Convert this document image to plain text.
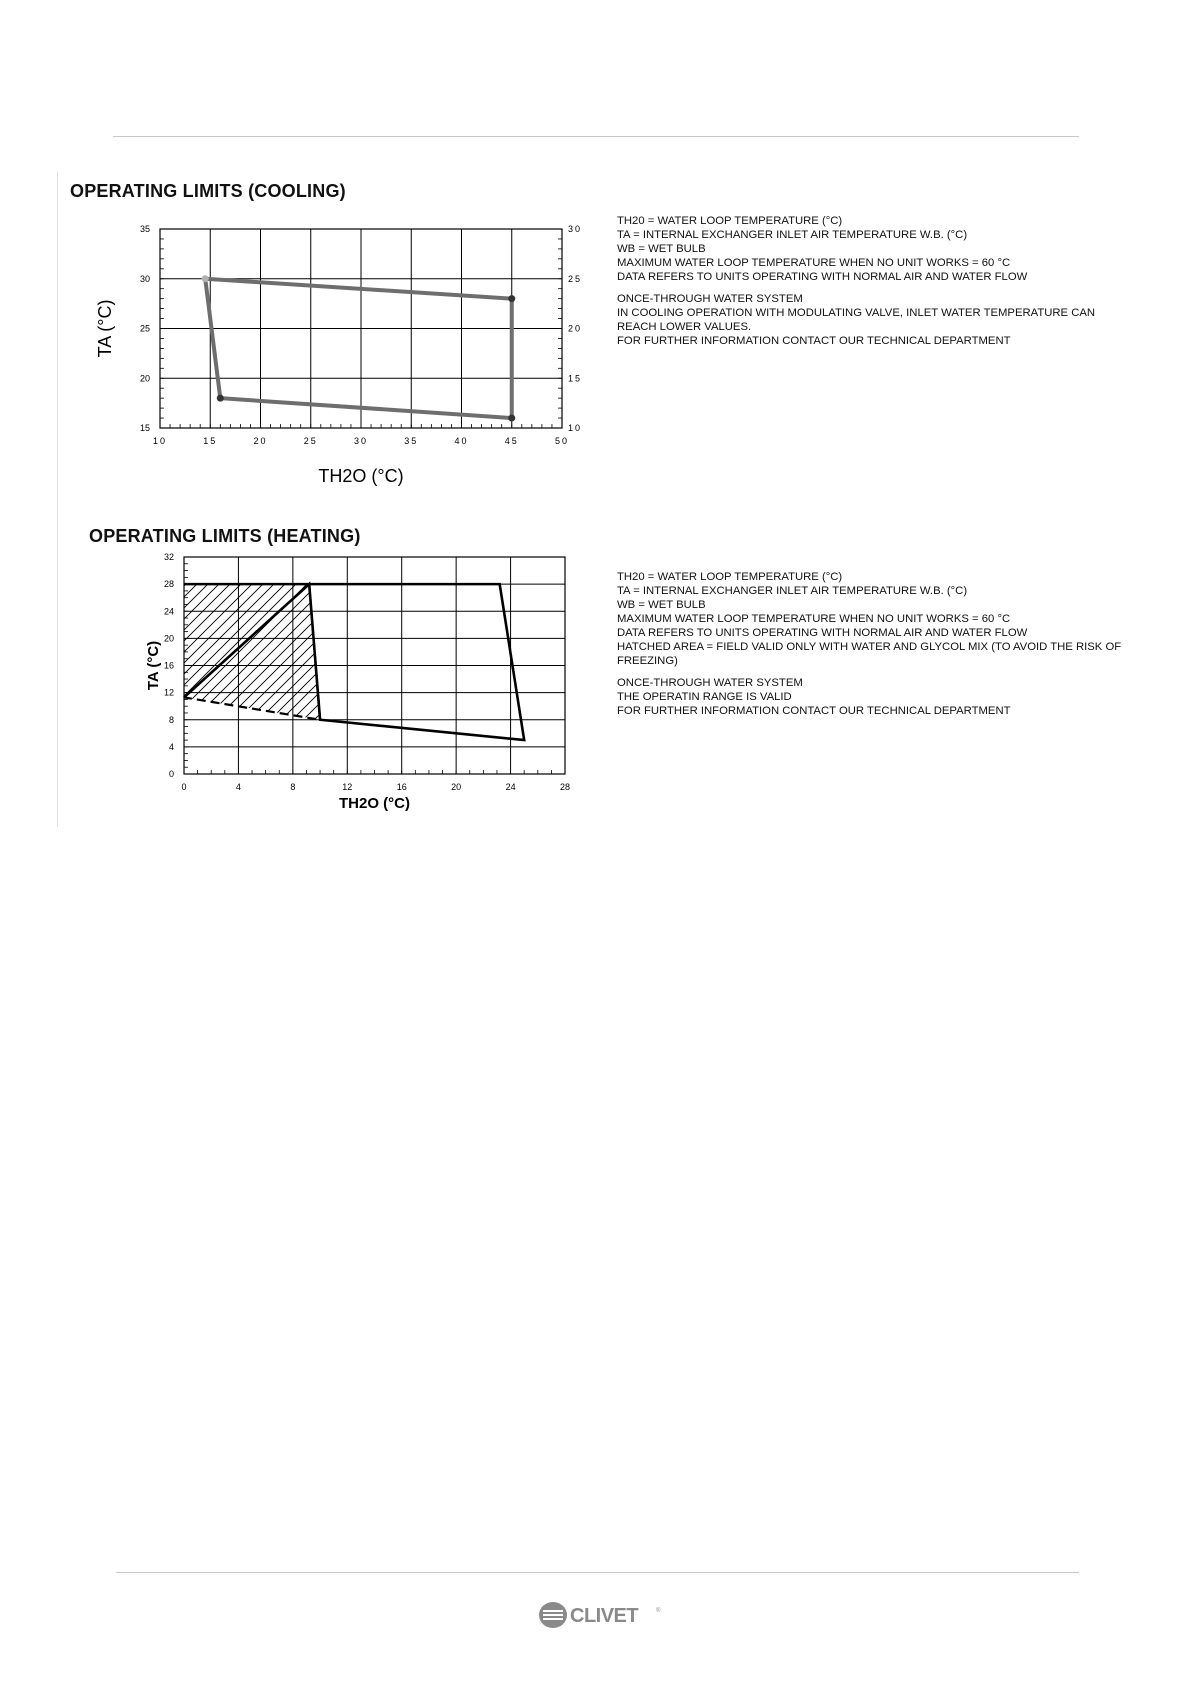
OPERATING LIMITS (COOLING)
10	15	20	25	30	35	40	45	50
15
20
25
30
35
10
15
20
25
30
TH2O (°C)
TA (°C)
TH20 = WATER LOOP TEMPERATURE (°C)
TA = INTERNAL EXCHANGER INLET AIR TEMPERATURE W.B. (°C)
WB = WET BULB
MAXIMUM WATER LOOP TEMPERATURE WHEN NO UNIT WORKS = 60 °C
DATA REFERS TO UNITS OPERATING WITH NORMAL AIR AND WATER FLOW
ONCE-THROUGH WATER SYSTEM
IN COOLING OPERATION WITH MODULATING VALVE, INLET WATER TEMPERATURE CAN REACH LOWER VALUES.
FOR FURTHER INFORMATION CONTACT OUR TECHNICAL DEPARTMENT
OPERATING LIMITS (HEATING)
0	4	8	12	16	20	24	28
0
4
8
12
16
20
24
28
32
TH2O (°C)
TA (°C)
TH20 = WATER LOOP TEMPERATURE (°C)
TA = INTERNAL EXCHANGER INLET AIR TEMPERATURE W.B. (°C)
WB = WET BULB
MAXIMUM WATER LOOP TEMPERATURE WHEN NO UNIT WORKS = 60 °C
DATA REFERS TO UNITS OPERATING WITH NORMAL AIR AND WATER FLOW
HATCHED AREA = FIELD VALID ONLY WITH WATER AND GLYCOL MIX (TO AVOID THE RISK OF FREEZING)
ONCE-THROUGH WATER SYSTEM
THE OPERATIN RANGE IS VALID
FOR FURTHER INFORMATION CONTACT OUR TECHNICAL DEPARTMENT
CLIVET	®
